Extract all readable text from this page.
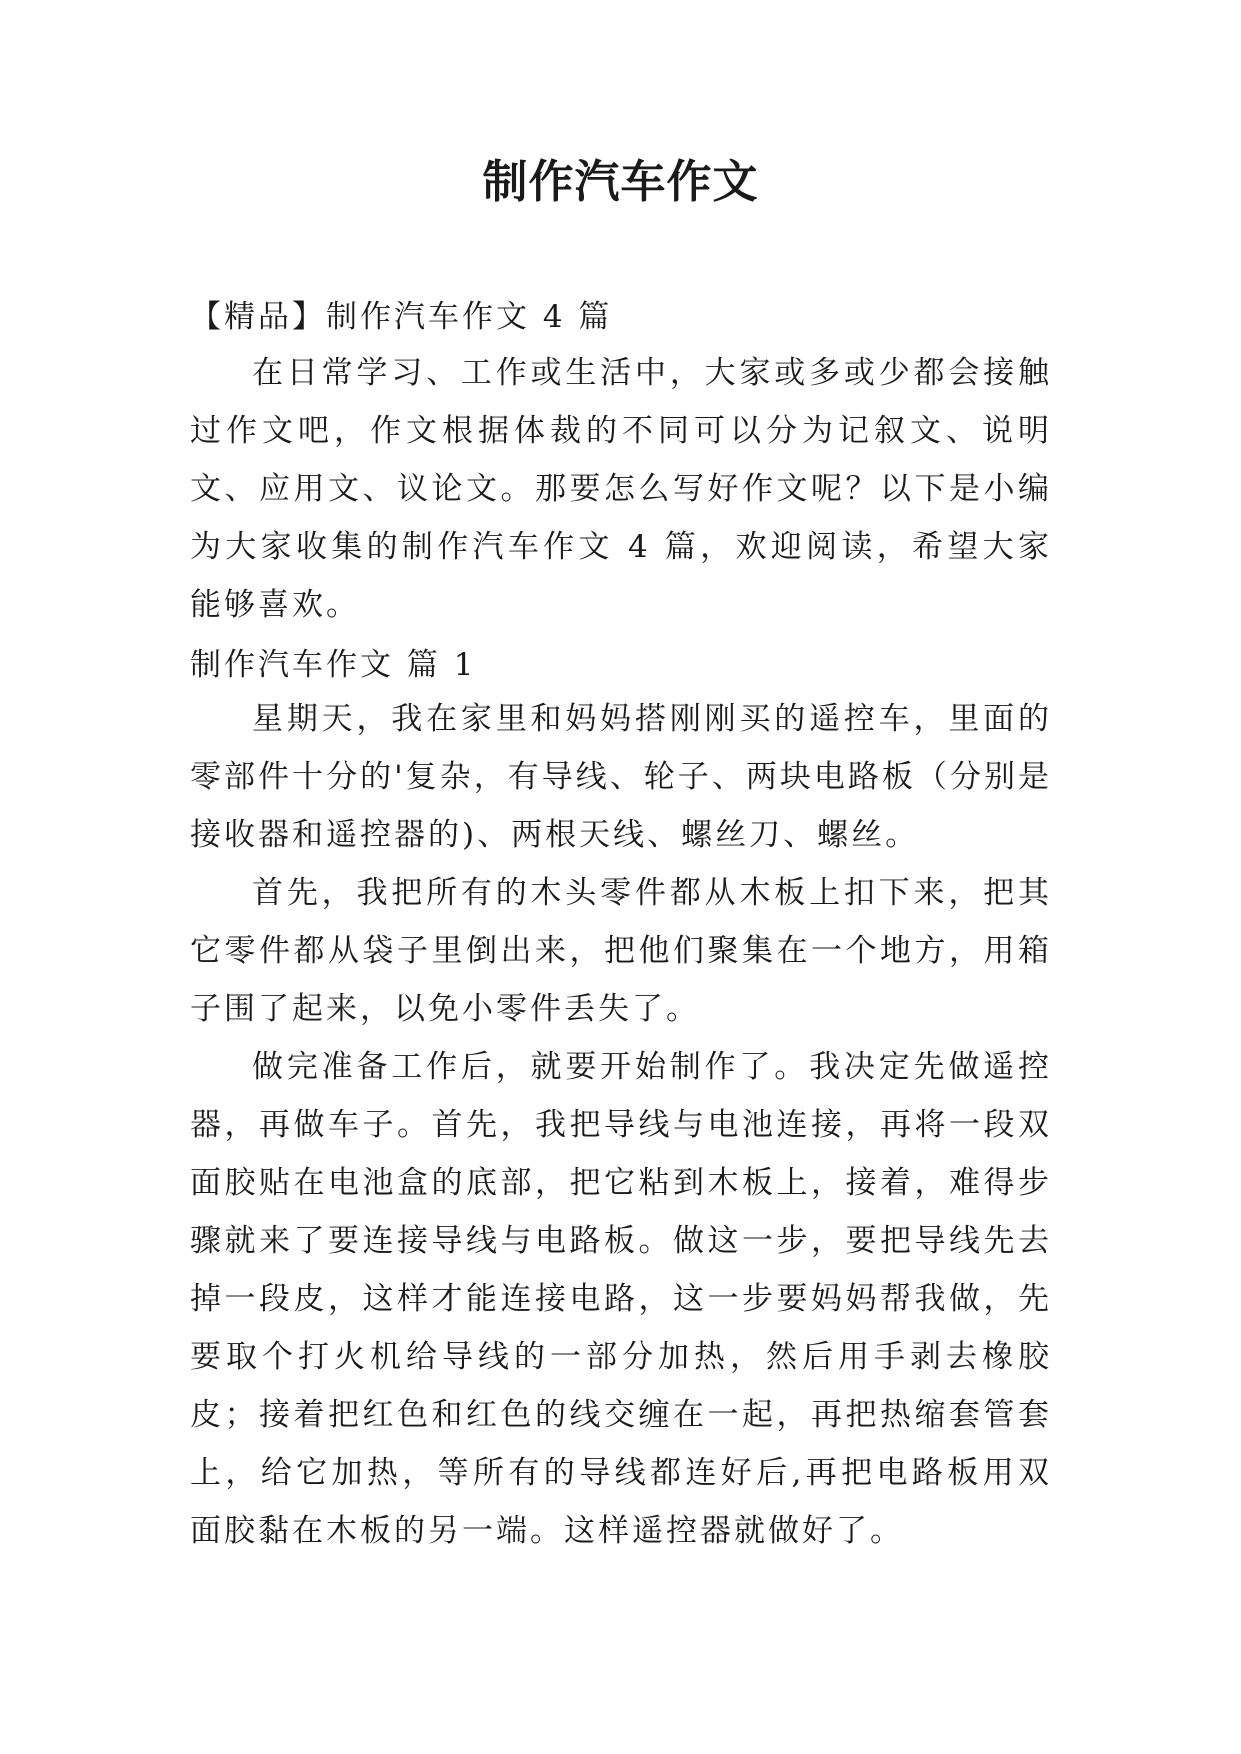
制作汽车作文
【精品】制作汽车作文 4 篇

在日常学习、工作或生活中，大家或多或少都会接触过作文吧，作文根据体裁的不同可以分为记叙文、说明文、应用文、议论文。那要怎么写好作文呢？以下是小编为大家收集的制作汽车作文 4 篇，欢迎阅读，希望大家能够喜欢。

制作汽车作文 篇 1

星期天，我在家里和妈妈搭刚刚买的遥控车，里面的零部件十分的'复杂，有导线、轮子、两块电路板（分别是接收器和遥控器的)、两根天线、螺丝刀、螺丝。

首先，我把所有的木头零件都从木板上扣下来，把其它零件都从袋子里倒出来，把他们聚集在一个地方，用箱子围了起来，以免小零件丢失了。

做完准备工作后，就要开始制作了。我决定先做遥控器，再做车子。首先，我把导线与电池连接，再将一段双面胶贴在电池盒的底部，把它粘到木板上，接着，难得步骤就来了要连接导线与电路板。做这一步，要把导线先去掉一段皮，这样才能连接电路，这一步要妈妈帮我做，先要取个打火机给导线的一部分加热，然后用手剥去橡胶皮；接着把红色和红色的线交缠在一起，再把热缩套管套上，给它加热，等所有的导线都连好后,再把电路板用双面胶黏在木板的另一端。这样遥控器就做好了。
